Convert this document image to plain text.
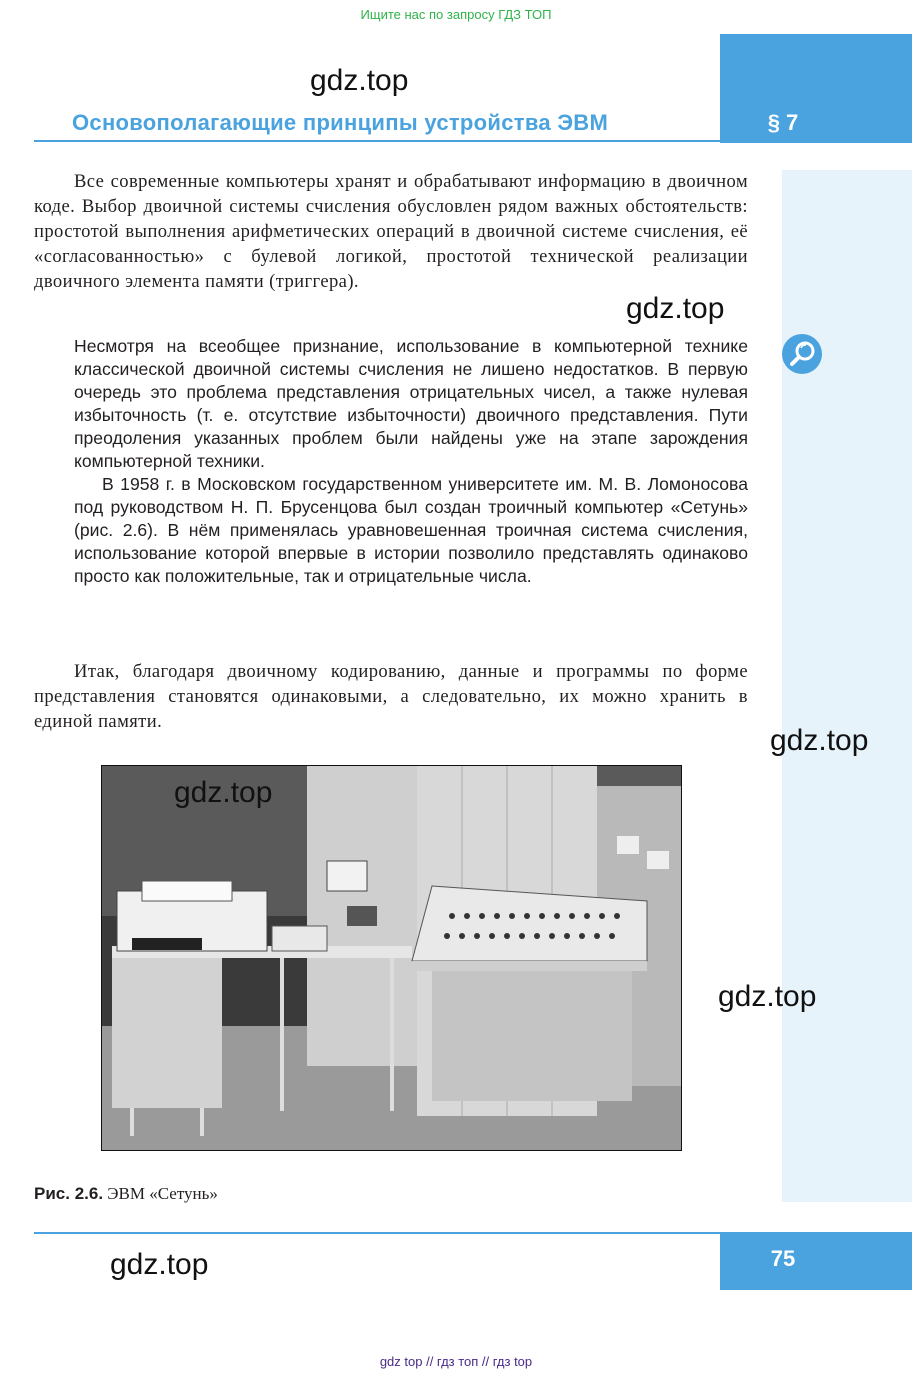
Ищите нас по запросу ГДЗ ТОП
§ 7
Основополагающие принципы устройства ЭВМ
gdz.top

Все современные компьютеры хранят и обрабатывают информацию в двоичном коде. Выбор двоичной системы счисления обусловлен рядом важных обстоятельств: простотой выполнения арифметических операций в двоичной системе счисления, её «согласованностью» с булевой логикой, простотой технической реализации двоичного элемента памяти (триггера).

gdz.top

Несмотря на всеобщее признание, использование в компьютерной технике классической двоичной системы счисления не лишено недостатков. В первую очередь это проблема представления отрицательных чисел, а также нулевая избыточность (т. е. отсутствие избыточности) двоичного представления. Пути преодоления указанных проблем были найдены уже на этапе зарождения компьютерной техники.

В 1958 г. в Московском государственном университете им. М. В. Ломоносова под руководством Н. П. Брусенцова был создан троичный компьютер «Сетунь» (рис. 2.6). В нём применялась уравновешенная троичная система счисления, использование которой впервые в истории позволило представлять одинаково просто как положительные, так и отрицательные числа.

Итак, благодаря двоичному кодированию, данные и программы по форме представления становятся одинаковыми, а следовательно, их можно хранить в единой памяти.

gdz.top
gdz.top
gdz.top
Рис. 2.6. ЭВМ «Сетунь»
75
gdz.top
gdz top // гдз топ // гдз top
